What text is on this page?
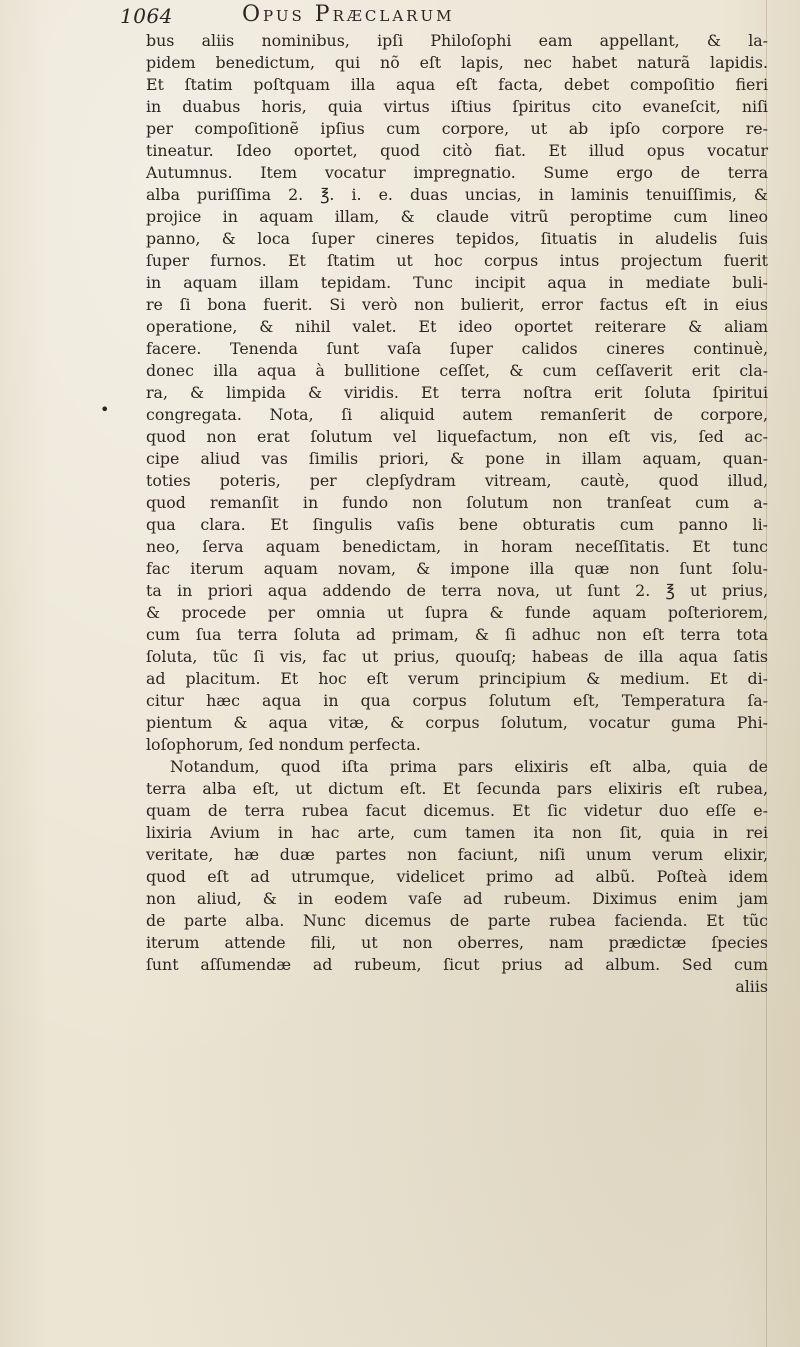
1064	Opus Præclarum
•
bus aliis nominibus, ipſi Philoſophi eam appellant, & la-
pidem benedictum, qui nõ eſt lapis, nec habet naturã lapidis.
Et ſtatim poſtquam illa aqua eſt facta, debet compoſitio fieri
in duabus horis, quia virtus iſtius ſpiritus cito evaneſcit, niſi
per compoſitionẽ ipſius cum corpore, ut ab ipſo corpore re-
tineatur. Ideo oportet, quod citò fiat. Et illud opus vocatur
Autumnus. Item vocatur impregnatio. Sume ergo de terra
alba puriſſima 2. ℥. i. e. duas uncias, in laminis tenuiſſimis, &
projice in aquam illam, & claude vitrũ peroptime cum lineo
panno, & loca ſuper cineres tepidos, ſituatis in aludelis ſuis
ſuper furnos. Et ſtatim ut hoc corpus intus projectum fuerit
in aquam illam tepidam. Tunc incipit aqua in mediate buli-
re ſi bona fuerit. Si verò non bulierit, error factus eſt in eius
operatione, & nihil valet. Et ideo oportet reiterare & aliam
facere. Tenenda ſunt vaſa ſuper calidos cineres continuè,
donec illa aqua à bullitione ceſſet, & cum ceſſaverit erit cla-
ra, & limpida & viridis. Et terra noſtra erit ſoluta ſpiritui
congregata. Nota, ſi aliquid autem remanſerit de corpore,
quod non erat ſolutum vel liquefactum, non eſt vis, ſed ac-
cipe aliud vas ſimilis priori, & pone in illam aquam, quan-
toties poteris, per clepſydram vitream, cautè, quod illud,
quod remanſit in fundo non ſolutum non tranſeat cum a-
qua clara. Et ſingulis vaſis bene obturatis cum panno li-
neo, ſerva aquam benedictam, in horam neceſſitatis. Et tunc
fac iterum aquam novam, & impone illa quæ non ſunt ſolu-
ta in priori aqua addendo de terra nova, ut ſunt 2. ℥ ut prius,
& procede per omnia ut ſupra & funde aquam poſteriorem,
cum ſua terra ſoluta ad primam, & ſi adhuc non eſt terra tota
ſoluta, tũc ſi vis, fac ut prius, quouſq; habeas de illa aqua ſatis
ad placitum. Et hoc eſt verum principium & medium. Et di-
citur hæc aqua in qua corpus ſolutum eſt, Temperatura ſa-
pientum & aqua vitæ, & corpus ſolutum, vocatur guma Phi-
loſophorum, ſed nondum perfecta.
Notandum, quod iſta prima pars elixiris eſt alba, quia de
terra alba eſt, ut dictum eſt. Et ſecunda pars elixiris eſt rubea,
quam de terra rubea facut dicemus. Et ſic videtur duo eſſe e-
lixiria Avium in hac arte, cum tamen ita non ſit, quia in rei
veritate, hæ duæ partes non faciunt, niſi unum verum elixir,
quod eſt ad utrumque, videlicet primo ad albũ. Poſteà idem
non aliud, & in eodem vaſe ad rubeum. Diximus enim jam
de parte alba. Nunc dicemus de parte rubea facienda. Et tũc
iterum attende fili, ut non oberres, nam prædictæ ſpecies
ſunt aſſumendæ ad rubeum, ſicut prius ad album. Sed cum
aliis
